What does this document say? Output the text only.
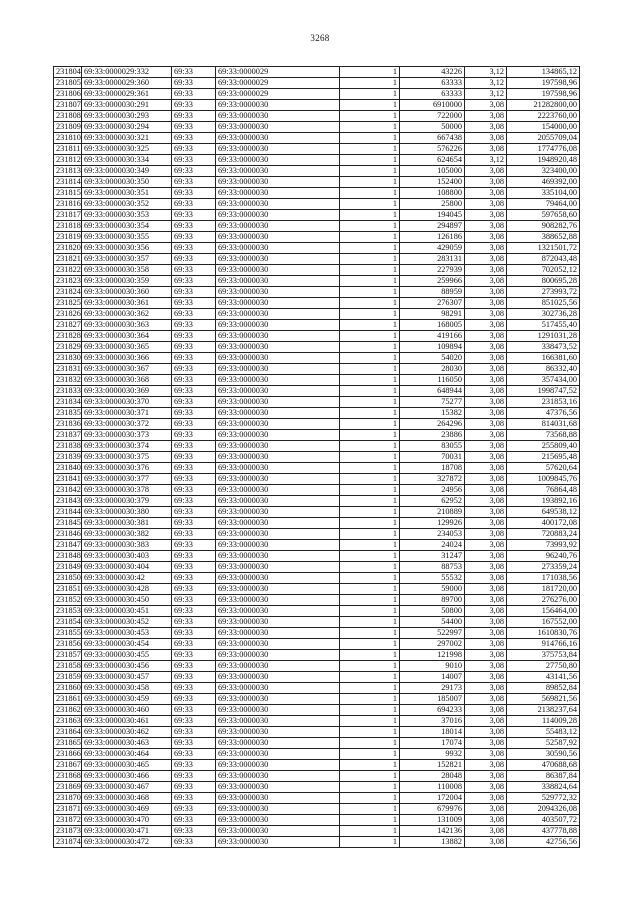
3268
231804	69:33:0000029:332	69:33	69:33:0000029	1	43226	3,12	134865,12
231805	69:33:0000029:360	69:33	69:33:0000029	1	63333	3,12	197598,96
231806	69:33:0000029:361	69:33	69:33:0000029	1	63333	3,12	197598,96
231807	69:33:0000030:291	69:33	69:33:0000030	1	6910000	3,08	21282800,00
231808	69:33:0000030:293	69:33	69:33:0000030	1	722000	3,08	2223760,00
231809	69:33:0000030:294	69:33	69:33:0000030	1	50000	3,08	154000,00
231810	69:33:0000030:321	69:33	69:33:0000030	1	667438	3,08	2055709,04
231811	69:33:0000030:325	69:33	69:33:0000030	1	576226	3,08	1774776,08
231812	69:33:0000030:334	69:33	69:33:0000030	1	624654	3,12	1948920,48
231813	69:33:0000030:349	69:33	69:33:0000030	1	105000	3,08	323400,00
231814	69:33:0000030:350	69:33	69:33:0000030	1	152400	3,08	469392,00
231815	69:33:0000030:351	69:33	69:33:0000030	1	108800	3,08	335104,00
231816	69:33:0000030:352	69:33	69:33:0000030	1	25800	3,08	79464,00
231817	69:33:0000030:353	69:33	69:33:0000030	1	194045	3,08	597658,60
231818	69:33:0000030:354	69:33	69:33:0000030	1	294897	3,08	908282,76
231819	69:33:0000030:355	69:33	69:33:0000030	1	126186	3,08	388652,88
231820	69:33:0000030:356	69:33	69:33:0000030	1	429059	3,08	1321501,72
231821	69:33:0000030:357	69:33	69:33:0000030	1	283131	3,08	872043,48
231822	69:33:0000030:358	69:33	69:33:0000030	1	227939	3,08	702052,12
231823	69:33:0000030:359	69:33	69:33:0000030	1	259966	3,08	800695,28
231824	69:33:0000030:360	69:33	69:33:0000030	1	88959	3,08	273993,72
231825	69:33:0000030:361	69:33	69:33:0000030	1	276307	3,08	851025,56
231826	69:33:0000030:362	69:33	69:33:0000030	1	98291	3,08	302736,28
231827	69:33:0000030:363	69:33	69:33:0000030	1	168005	3,08	517455,40
231828	69:33:0000030:364	69:33	69:33:0000030	1	419166	3,08	1291031,28
231829	69:33:0000030:365	69:33	69:33:0000030	1	109894	3,08	338473,52
231830	69:33:0000030:366	69:33	69:33:0000030	1	54020	3,08	166381,60
231831	69:33:0000030:367	69:33	69:33:0000030	1	28030	3,08	86332,40
231832	69:33:0000030:368	69:33	69:33:0000030	1	116050	3,08	357434,00
231833	69:33:0000030:369	69:33	69:33:0000030	1	648944	3,08	1998747,52
231834	69:33:0000030:370	69:33	69:33:0000030	1	75277	3,08	231853,16
231835	69:33:0000030:371	69:33	69:33:0000030	1	15382	3,08	47376,56
231836	69:33:0000030:372	69:33	69:33:0000030	1	264296	3,08	814031,68
231837	69:33:0000030:373	69:33	69:33:0000030	1	23886	3,08	73568,88
231838	69:33:0000030:374	69:33	69:33:0000030	1	83055	3,08	255809,40
231839	69:33:0000030:375	69:33	69:33:0000030	1	70031	3,08	215695,48
231840	69:33:0000030:376	69:33	69:33:0000030	1	18708	3,08	57620,64
231841	69:33:0000030:377	69:33	69:33:0000030	1	327872	3,08	1009845,76
231842	69:33:0000030:378	69:33	69:33:0000030	1	24956	3,08	76864,48
231843	69:33:0000030:379	69:33	69:33:0000030	1	62952	3,08	193892,16
231844	69:33:0000030:380	69:33	69:33:0000030	1	210889	3,08	649538,12
231845	69:33:0000030:381	69:33	69:33:0000030	1	129926	3,08	400172,08
231846	69:33:0000030:382	69:33	69:33:0000030	1	234053	3,08	720883,24
231847	69:33:0000030:383	69:33	69:33:0000030	1	24024	3,08	73993,92
231848	69:33:0000030:403	69:33	69:33:0000030	1	31247	3,08	96240,76
231849	69:33:0000030:404	69:33	69:33:0000030	1	88753	3,08	273359,24
231850	69:33:0000030:42	69:33	69:33:0000030	1	55532	3,08	171038,56
231851	69:33:0000030:428	69:33	69:33:0000030	1	59000	3,08	181720,00
231852	69:33:0000030:450	69:33	69:33:0000030	1	89700	3,08	276276,00
231853	69:33:0000030:451	69:33	69:33:0000030	1	50800	3,08	156464,00
231854	69:33:0000030:452	69:33	69:33:0000030	1	54400	3,08	167552,00
231855	69:33:0000030:453	69:33	69:33:0000030	1	522997	3,08	1610830,76
231856	69:33:0000030:454	69:33	69:33:0000030	1	297002	3,08	914766,16
231857	69:33:0000030:455	69:33	69:33:0000030	1	121998	3,08	375753,84
231858	69:33:0000030:456	69:33	69:33:0000030	1	9010	3,08	27750,80
231859	69:33:0000030:457	69:33	69:33:0000030	1	14007	3,08	43141,56
231860	69:33:0000030:458	69:33	69:33:0000030	1	29173	3,08	89852,84
231861	69:33:0000030:459	69:33	69:33:0000030	1	185007	3,08	569821,56
231862	69:33:0000030:460	69:33	69:33:0000030	1	694233	3,08	2138237,64
231863	69:33:0000030:461	69:33	69:33:0000030	1	37016	3,08	114009,28
231864	69:33:0000030:462	69:33	69:33:0000030	1	18014	3,08	55483,12
231865	69:33:0000030:463	69:33	69:33:0000030	1	17074	3,08	52587,92
231866	69:33:0000030:464	69:33	69:33:0000030	1	9932	3,08	30590,56
231867	69:33:0000030:465	69:33	69:33:0000030	1	152821	3,08	470688,68
231868	69:33:0000030:466	69:33	69:33:0000030	1	28048	3,08	86387,84
231869	69:33:0000030:467	69:33	69:33:0000030	1	110008	3,08	338824,64
231870	69:33:0000030:468	69:33	69:33:0000030	1	172004	3,08	529772,32
231871	69:33:0000030:469	69:33	69:33:0000030	1	679976	3,08	2094326,08
231872	69:33:0000030:470	69:33	69:33:0000030	1	131009	3,08	403507,72
231873	69:33:0000030:471	69:33	69:33:0000030	1	142136	3,08	437778,88
231874	69:33:0000030:472	69:33	69:33:0000030	1	13882	3,08	42756,56
